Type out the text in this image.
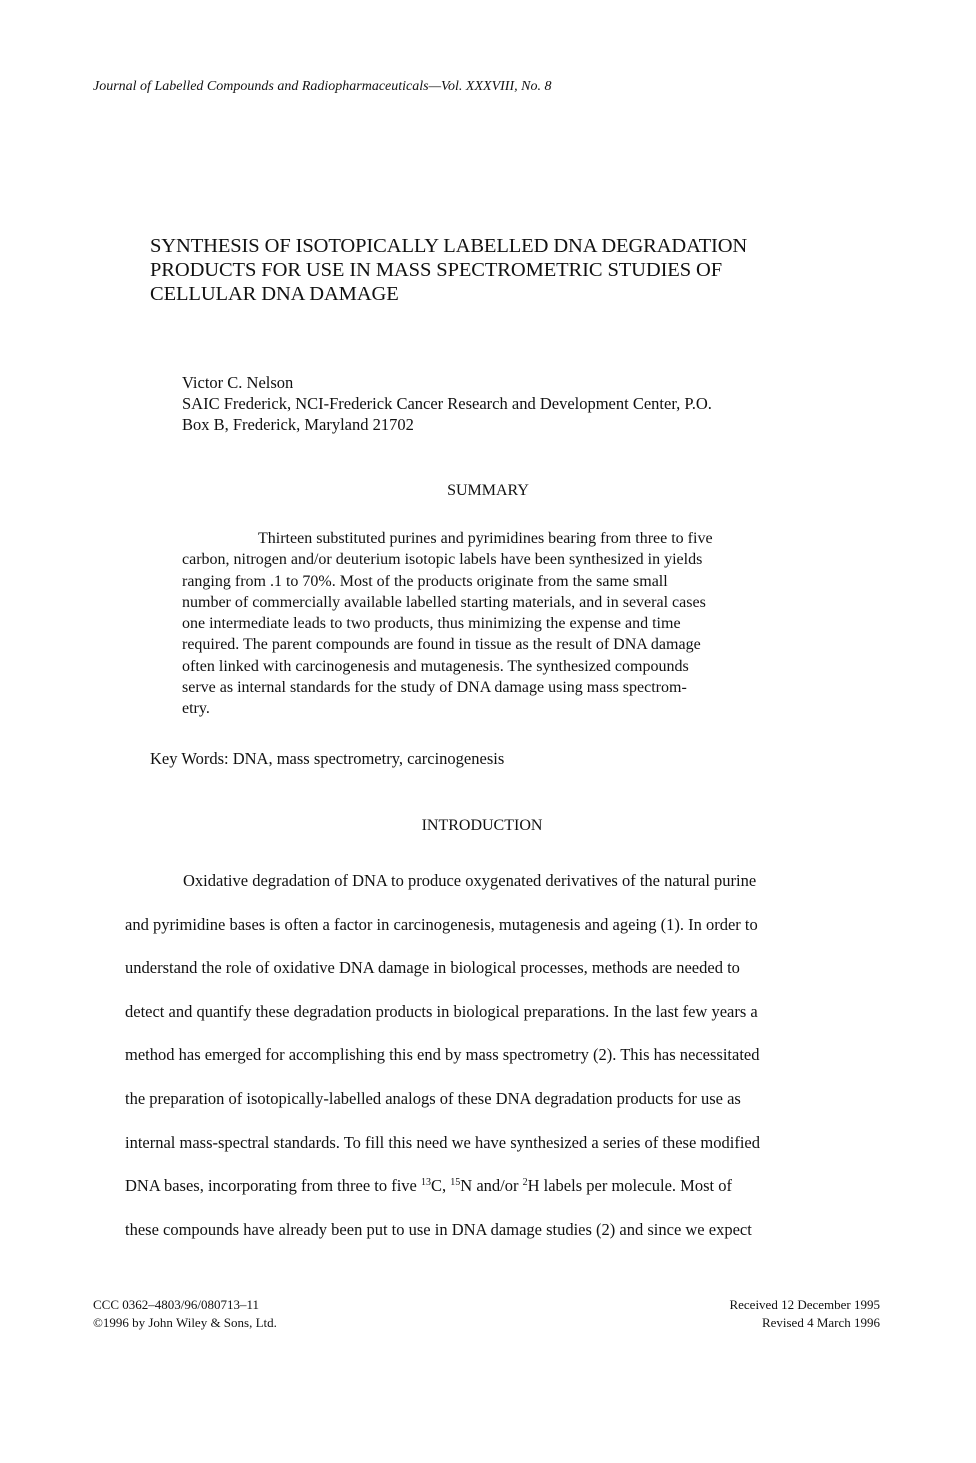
Journal of Labelled Compounds and Radiopharmaceuticals—Vol. XXXVIII, No. 8
SYNTHESIS OF ISOTOPICALLY LABELLED DNA DEGRADATION
PRODUCTS FOR USE IN MASS SPECTROMETRIC STUDIES OF
CELLULAR DNA DAMAGE
Victor C. Nelson
SAIC Frederick, NCI-Frederick Cancer Research and Development Center, P.O.
Box B, Frederick, Maryland 21702
SUMMARY
Thirteen substituted purines and pyrimidines bearing from three to five
carbon, nitrogen and/or deuterium isotopic labels have been synthesized in yields
ranging from .1 to 70%. Most of the products originate from the same small
number of commercially available labelled starting materials, and in several cases
one intermediate leads to two products, thus minimizing the expense and time
required. The parent compounds are found in tissue as the result of DNA damage
often linked with carcinogenesis and mutagenesis. The synthesized compounds
serve as internal standards for the study of DNA damage using mass spectrom-
etry.
Key Words: DNA, mass spectrometry, carcinogenesis
INTRODUCTION
Oxidative degradation of DNA to produce oxygenated derivatives of the natural purine
and pyrimidine bases is often a factor in carcinogenesis, mutagenesis and ageing (1). In order to
understand the role of oxidative DNA damage in biological processes, methods are needed to
detect and quantify these degradation products in biological preparations. In the last few years a
method has emerged for accomplishing this end by mass spectrometry (2). This has necessitated
the preparation of isotopically-labelled analogs of these DNA degradation products for use as
internal mass-spectral standards. To fill this need we have synthesized a series of these modified
DNA bases, incorporating from three to five $^{13}$C, $^{15}$N and/or $^2$H labels per molecule. Most of
these compounds have already been put to use in DNA damage studies (2) and since we expect
CCC 0362–4803/96/080713–11
©1996 by John Wiley & Sons, Ltd.
Received 12 December 1995
Revised 4 March 1996
